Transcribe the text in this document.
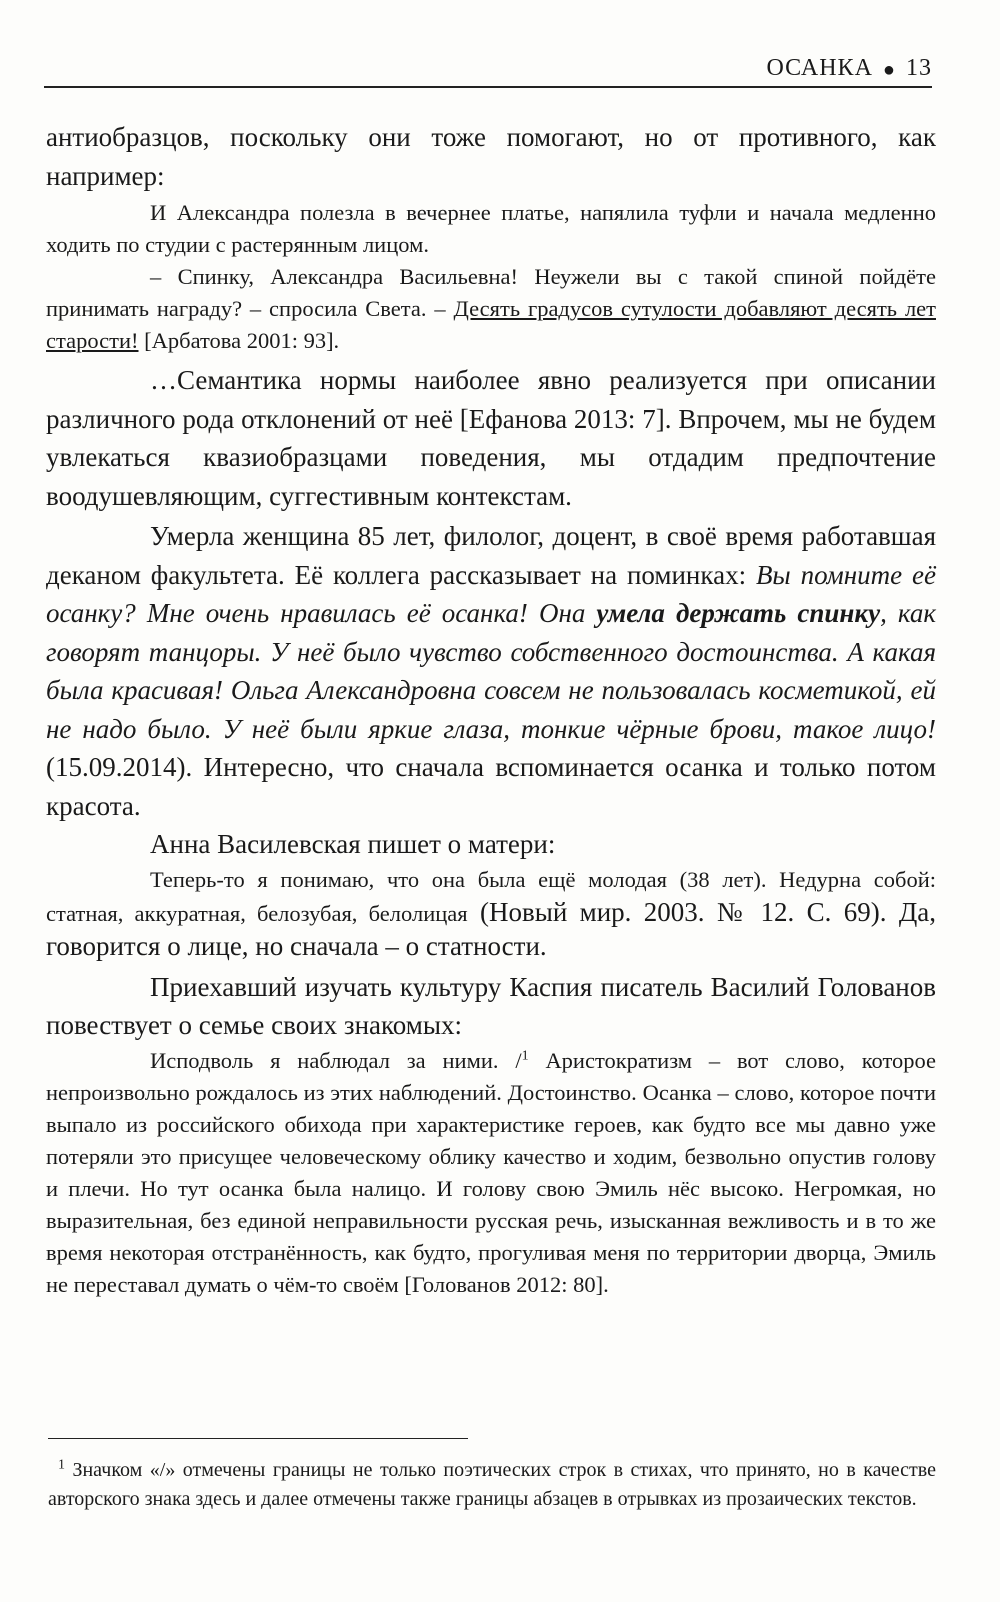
ОСАНКА ● 13

антиобразцов, поскольку они тоже помогают, но от противного, как например:

И Александра полезла в вечернее платье, напялила туфли и начала медленно ходить по студии с растерянным лицом.

– Спинку, Александра Васильевна! Неужели вы с такой спиной пойдёте принимать награду? – спросила Света. – Десять градусов сутулости добавляют десять лет старости! [Арбатова 2001: 93].

…Семантика нормы наиболее явно реализуется при описании различного рода отклонений от неё [Ефанова 2013: 7]. Впрочем, мы не будем увлекаться квазиобразцами поведения, мы отдадим предпочтение воодушевляющим, суггестивным контекстам.

Умерла женщина 85 лет, филолог, доцент, в своё время работавшая деканом факультета. Её коллега рассказывает на поминках: Вы помните её осанку? Мне очень нравилась её осанка! Она умела держать спинку, как говорят танцоры. У неё было чувство собственного достоинства. А какая была красивая! Ольга Александровна совсем не пользовалась косметикой, ей не надо было. У неё были яркие глаза, тонкие чёрные брови, такое лицо! (15.09.2014). Интересно, что сначала вспоминается осанка и только потом красота.

Анна Василевская пишет о матери:

Теперь-то я понимаю, что она была ещё молодая (38 лет). Недурна собой: статная, аккуратная, белозубая, белолицая (Новый мир. 2003. № 12. С. 69). Да, говорится о лице, но сначала – о статности.

Приехавший изучать культуру Каспия писатель Василий Голованов повествует о семье своих знакомых:

Исподволь я наблюдал за ними. /$^1$ Аристократизм – вот слово, которое непроизвольно рождалось из этих наблюдений. Достоинство. Осанка – слово, которое почти выпало из российского обихода при характеристике героев, как будто все мы давно уже потеряли это присущее человеческому облику качество и ходим, безвольно опустив голову и плечи. Но тут осанка была налицо. И голову свою Эмиль нёс высоко. Негромкая, но выразительная, без единой неправильности русская речь, изысканная вежливость и в то же время некоторая отстранённость, как будто, прогуливая меня по территории дворца, Эмиль не переставал думать о чём-то своём [Голованов 2012: 80].

$^1$ Значком «/» отмечены границы не только поэтических строк в стихах, что принято, но в качестве авторского знака здесь и далее отмечены также границы абзацев в отрывках из прозаических текстов.
